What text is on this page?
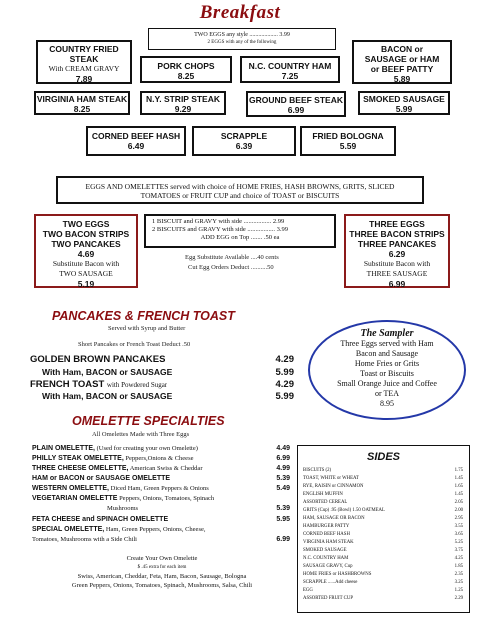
Breakfast
TWO EGGS any style ................... 3.99
2 EGGS with any of the following
COUNTRY FRIED STEAK
With CREAM GRAVY
7.89
PORK CHOPS
8.25
N.C. COUNTRY HAM
7.25
BACON or SAUSAGE or HAM or BEEF PATTY
5.89
VIRGINIA HAM STEAK
8.25
N.Y. STRIP STEAK
9.29
GROUND BEEF STEAK
6.99
SMOKED SAUSAGE
5.99
CORNED BEEF HASH
6.49
SCRAPPLE
6.39
FRIED BOLOGNA
5.59
EGGS AND OMELETTES served with choice of HOME FRIES, HASH BROWNS, GRITS, SLICED TOMATOES or FRUIT CUP and choice of TOAST or BISCUITS
TWO EGGS
TWO BACON STRIPS
TWO PANCAKES
4.69
Substitute Bacon with TWO SAUSAGE
5.19
1 BISCUIT and GRAVY with side ................. 2.99
2 BISCUITS and GRAVY with side ................. 3.99
ADD EGG on Top ....... .50 ea
Egg Substitute Available ....40 cents
Cut Egg Orders Deduct ..........50
THREE EGGS
THREE BACON STRIPS
THREE PANCAKES
6.29
Substitute Bacon with THREE SAUSAGE
6.99
PANCAKES & FRENCH TOAST
Served with Syrup and Butter
Short Pancakes or French Toast Deduct .50
GOLDEN BROWN PANCAKES	4.29
With Ham, BACON or SAUSAGE	5.99
FRENCH TOAST with Powdered Sugar	4.29
With Ham, BACON or SAUSAGE	5.99
The Sampler
Three Eggs served with Ham
Bacon and Sausage
Home Fries or Grits
Toast or Biscuits
Small Orange Juice and Coffee
or TEA
8.95
OMELETTE SPECIALTIES
All Omelettes Made with Three Eggs
PLAIN OMELETTE, (Used for creating your own Omelette)	4.49
PHILLY STEAK OMELETTE, Peppers,Onions & Cheese	6.99
THREE CHEESE OMELETTE, American Swiss & Cheddar	4.99
HAM or BACON or SAUSAGE OMELETTE	5.39
WESTERN OMELETTE, Diced Ham, Green Peppers & Onions	5.49
VEGETARIAN OMELETTE Peppers, Onions, Tomatoes, Spinach
Mushrooms	5.39
FETA CHEESE and SPINACH OMELETTE	5.95
SPECIAL OMELETTE, Ham, Green Peppers, Onions, Cheese,
Tomatoes, Mushrooms with a Side Chili	6.99
Create Your Own Omelette
$ .45 extra for each item
Swiss, American, Cheddar, Feta, Ham, Bacon, Sausage, Bologna
Green Peppers, Onions, Tomatoes, Spinach, Mushrooms, Salsa, Chili
SIDES
BISCUITS (2)	1.75
TOAST, WHITE or WHEAT	1.45
RYE, RAISIN or CINNAMON	1.65
ENGLISH MUFFIN	1.45
ASSORTED CEREAL	2.05
GRITS (Cup) .95 (Bowl) 1.50 OATMEAL	2.00
HAM, SAUSAGE OR BACON	2.95
HAMBURGER PATTY	3.55
CORNED BEEF HASH	3.65
VIRGINIA HAM STEAK	5.25
SMOKED SAUSAGE	3.75
N.C. COUNTRY HAM	4.25
SAUSAGE GRAVY, Cup	1.85
HOME FRIES or HASHBROWNS	2.35
SCRAPPLE ......Add cheese	3.25
EGG	1.25
ASSORTED FRUIT CUP	2.29
